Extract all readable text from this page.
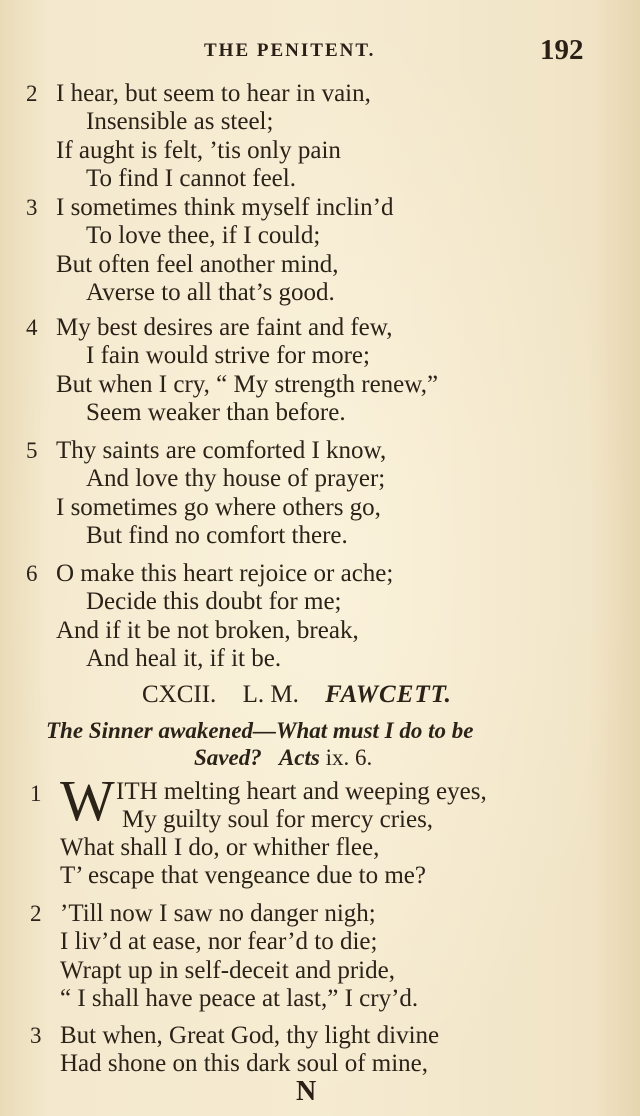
THE PENITENT.	192
2 I hear, but seem to hear in vain,
Insensible as steel;
If aught is felt, ’tis only pain
To find I cannot feel.
3 I sometimes think myself inclin’d
To love thee, if I could;
But often feel another mind,
Averse to all that’s good.
4 My best desires are faint and few,
I fain would strive for more;
But when I cry, “ My strength renew,”
Seem weaker than before.
5 Thy saints are comforted I know,
And love thy house of prayer;
I sometimes go where others go,
But find no comfort there.
6 O make this heart rejoice or ache;
Decide this doubt for me;
And if it be not broken, break,
And heal it, if it be.
CXCII. L. M. FAWCETT.
The Sinner awakened—What must I do to be
Saved? Acts ix. 6.
1 W ITH melting heart and weeping eyes,
My guilty soul for mercy cries,
What shall I do, or whither flee,
T’ escape that vengeance due to me?
2 ’Till now I saw no danger nigh;
I liv’d at ease, nor fear’d to die;
Wrapt up in self-deceit and pride,
“ I shall have peace at last,” I cry’d.
3 But when, Great God, thy light divine
Had shone on this dark soul of mine,
N
